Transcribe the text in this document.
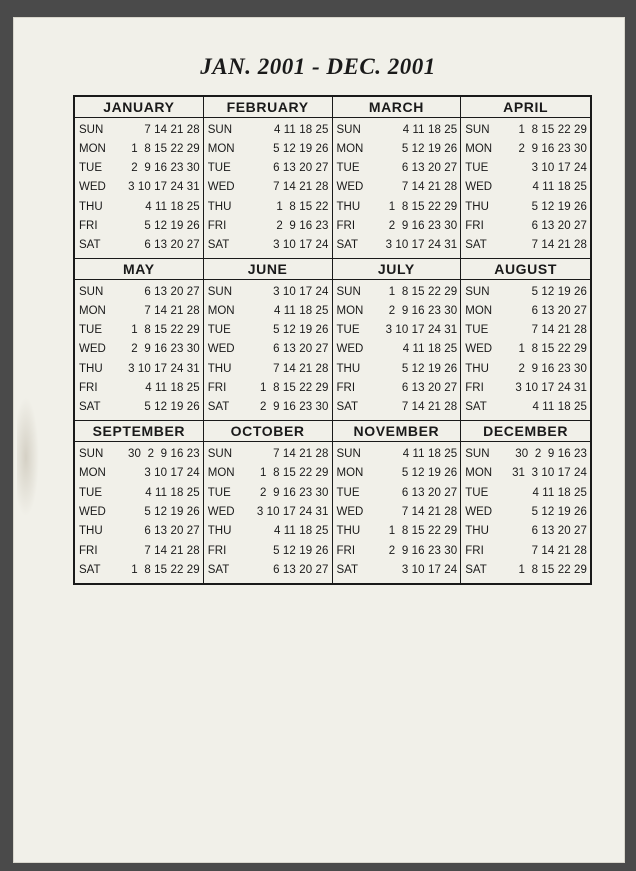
JAN. 2001 - DEC. 2001
JANUARY
SUN	7 14 21 28
MON	1  8 15 22 29
TUE	2  9 16 23 30
WED	3 10 17 24 31
THU	4 11 18 25
FRI	5 12 19 26
SAT	6 13 20 27
FEBRUARY
SUN	4 11 18 25
MON	5 12 19 26
TUE	6 13 20 27
WED	7 14 21 28
THU	1  8 15 22
FRI	2  9 16 23
SAT	3 10 17 24
MARCH
SUN	4 11 18 25
MON	5 12 19 26
TUE	6 13 20 27
WED	7 14 21 28
THU	1  8 15 22 29
FRI	2  9 16 23 30
SAT	3 10 17 24 31
APRIL
SUN	1  8 15 22 29
MON	2  9 16 23 30
TUE	3 10 17 24
WED	4 11 18 25
THU	5 12 19 26
FRI	6 13 20 27
SAT	7 14 21 28
MAY
SUN	6 13 20 27
MON	7 14 21 28
TUE	1  8 15 22 29
WED	2  9 16 23 30
THU	3 10 17 24 31
FRI	4 11 18 25
SAT	5 12 19 26
JUNE
SUN	3 10 17 24
MON	4 11 18 25
TUE	5 12 19 26
WED	6 13 20 27
THU	7 14 21 28
FRI	1  8 15 22 29
SAT	2  9 16 23 30
JULY
SUN	1  8 15 22 29
MON	2  9 16 23 30
TUE	3 10 17 24 31
WED	4 11 18 25
THU	5 12 19 26
FRI	6 13 20 27
SAT	7 14 21 28
AUGUST
SUN	5 12 19 26
MON	6 13 20 27
TUE	7 14 21 28
WED	1  8 15 22 29
THU	2  9 16 23 30
FRI	3 10 17 24 31
SAT	4 11 18 25
SEPTEMBER
SUN	30  2  9 16 23
MON	3 10 17 24
TUE	4 11 18 25
WED	5 12 19 26
THU	6 13 20 27
FRI	7 14 21 28
SAT	1  8 15 22 29
OCTOBER
SUN	7 14 21 28
MON	1  8 15 22 29
TUE	2  9 16 23 30
WED	3 10 17 24 31
THU	4 11 18 25
FRI	5 12 19 26
SAT	6 13 20 27
NOVEMBER
SUN	4 11 18 25
MON	5 12 19 26
TUE	6 13 20 27
WED	7 14 21 28
THU	1  8 15 22 29
FRI	2  9 16 23 30
SAT	3 10 17 24
DECEMBER
SUN	30  2  9 16 23
MON	31  3 10 17 24
TUE	4 11 18 25
WED	5 12 19 26
THU	6 13 20 27
FRI	7 14 21 28
SAT	1  8 15 22 29
